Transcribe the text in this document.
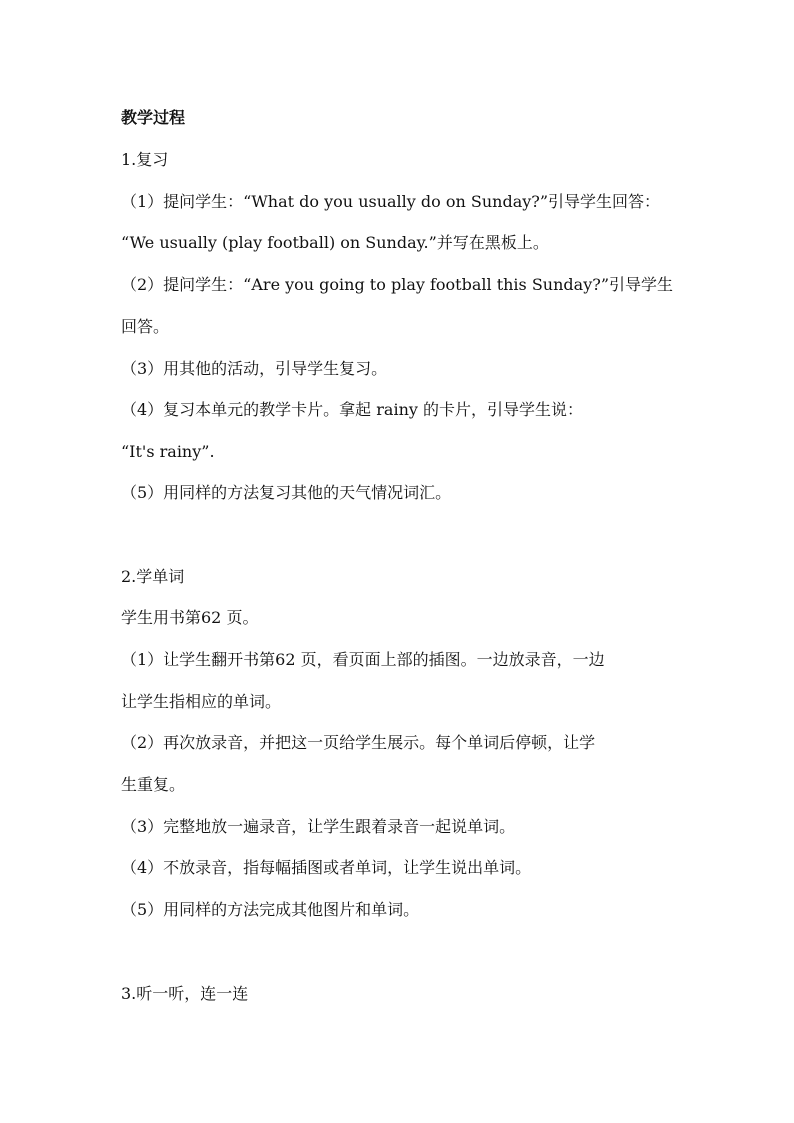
教学过程
1.复习
（1）提问学生：“What do you usually do on Sunday?”引导学生回答：
“We usually (play football) on Sunday.”并写在黑板上。
（2）提问学生：“Are you going to play football this Sunday?”引导学生
回答。
（3）用其他的活动，引导学生复习。
（4）复习本单元的教学卡片。拿起 rainy 的卡片，引导学生说：
“It's rainy”.
（5）用同样的方法复习其他的天气情况词汇。
2.学单词
学生用书第62 页。
（1）让学生翻开书第62 页，看页面上部的插图。一边放录音，一边
让学生指相应的单词。
（2）再次放录音，并把这一页给学生展示。每个单词后停顿，让学
生重复。
（3）完整地放一遍录音，让学生跟着录音一起说单词。
（4）不放录音，指每幅插图或者单词，让学生说出单词。
（5）用同样的方法完成其他图片和单词。
3.听一听，连一连
